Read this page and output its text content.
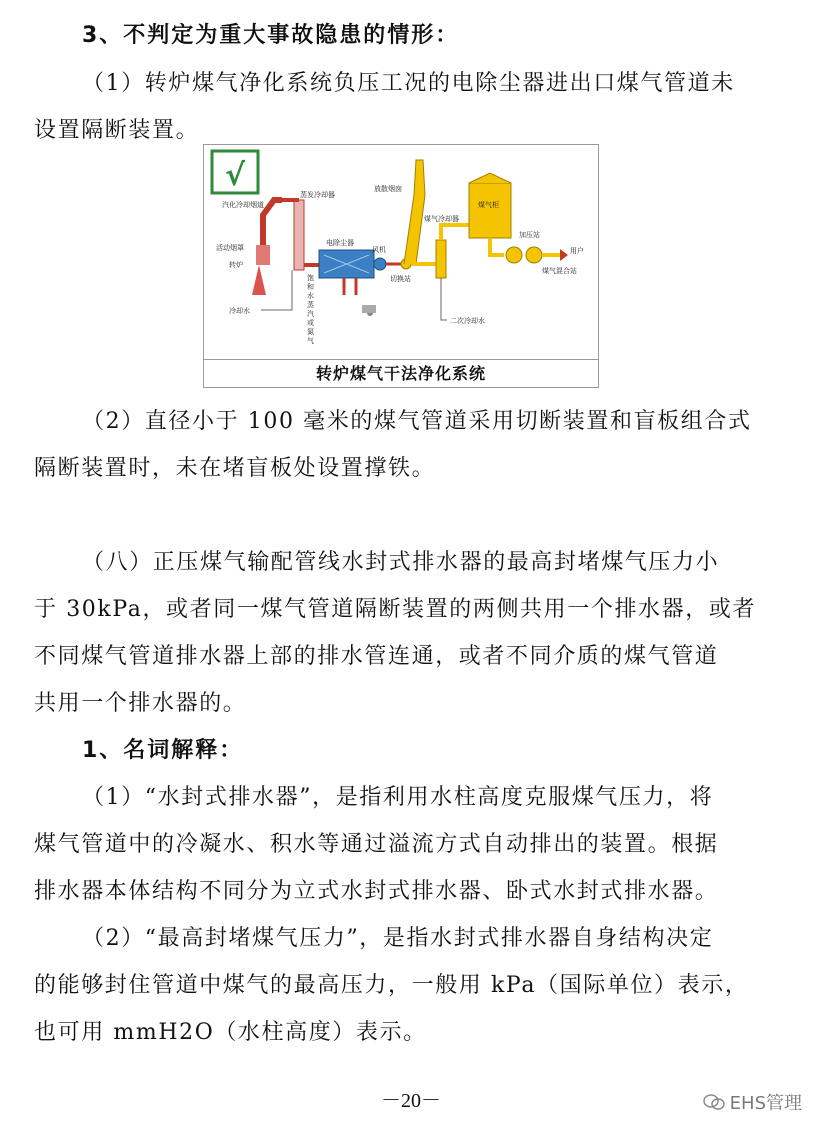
3、不判定为重大事故隐患的情形：
（1）转炉煤气净化系统负压工况的电除尘器进出口煤气管道未
设置隔断装置。
√
汽化冷却烟道
活动烟罩
转炉
蒸发冷却器
电除尘器
风机
切换站
放散烟囱
煤气冷却器
煤气柜
加压站
用户
煤气混合站
冷却水
二次冷却水
饱
和
水
蒸
汽
或
氮
气
转炉煤气干法净化系统
（2）直径小于 100 毫米的煤气管道采用切断装置和盲板组合式
隔断装置时，未在堵盲板处设置撑铁。
（八）正压煤气输配管线水封式排水器的最高封堵煤气压力小
于 30kPa，或者同一煤气管道隔断装置的两侧共用一个排水器，或者
不同煤气管道排水器上部的排水管连通，或者不同介质的煤气管道
共用一个排水器的。
1、名词解释：
（1）“水封式排水器”，是指利用水柱高度克服煤气压力，将
煤气管道中的冷凝水、积水等通过溢流方式自动排出的装置。根据
排水器本体结构不同分为立式水封式排水器、卧式水封式排水器。
（2）“最高封堵煤气压力”，是指水封式排水器自身结构决定
的能够封住管道中煤气的最高压力，一般用 kPa（国际单位）表示，
也可用 mmH2O（水柱高度）表示。
－20－	EHS管理
